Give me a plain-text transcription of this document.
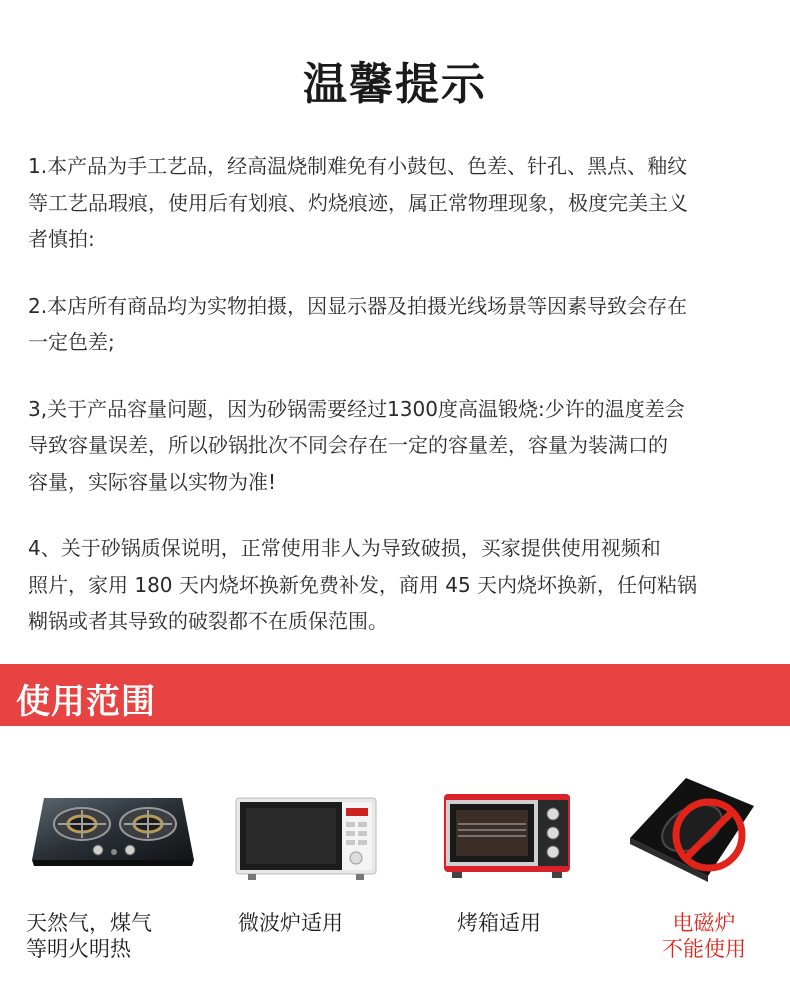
温馨提示

1.本产品为手工艺品，经高温烧制难免有小鼓包、色差、针孔、黑点、釉纹
等工艺品瑕痕，使用后有划痕、灼烧痕迹，属正常物理现象，极度完美主义
者慎拍:

2.本店所有商品均为实物拍摄，因显示器及拍摄光线场景等因素导致会存在
一定色差;

3,关于产品容量问题，因为砂锅需要经过1300度高温锻烧:少许的温度差会
导致容量误差，所以砂锅批次不同会存在一定的容量差，容量为装满口的
容量，实际容量以实物为准!

4、关于砂锅质保说明，正常使用非人为导致破损，买家提供使用视频和
照片，家用 180 天内烧坏换新免费补发，商用 45 天内烧坏换新，任何粘锅
糊锅或者其导致的破裂都不在质保范围。

使用范围
天然气，煤气
等明火明热
微波炉适用	烤箱适用	电磁炉
不能使用
